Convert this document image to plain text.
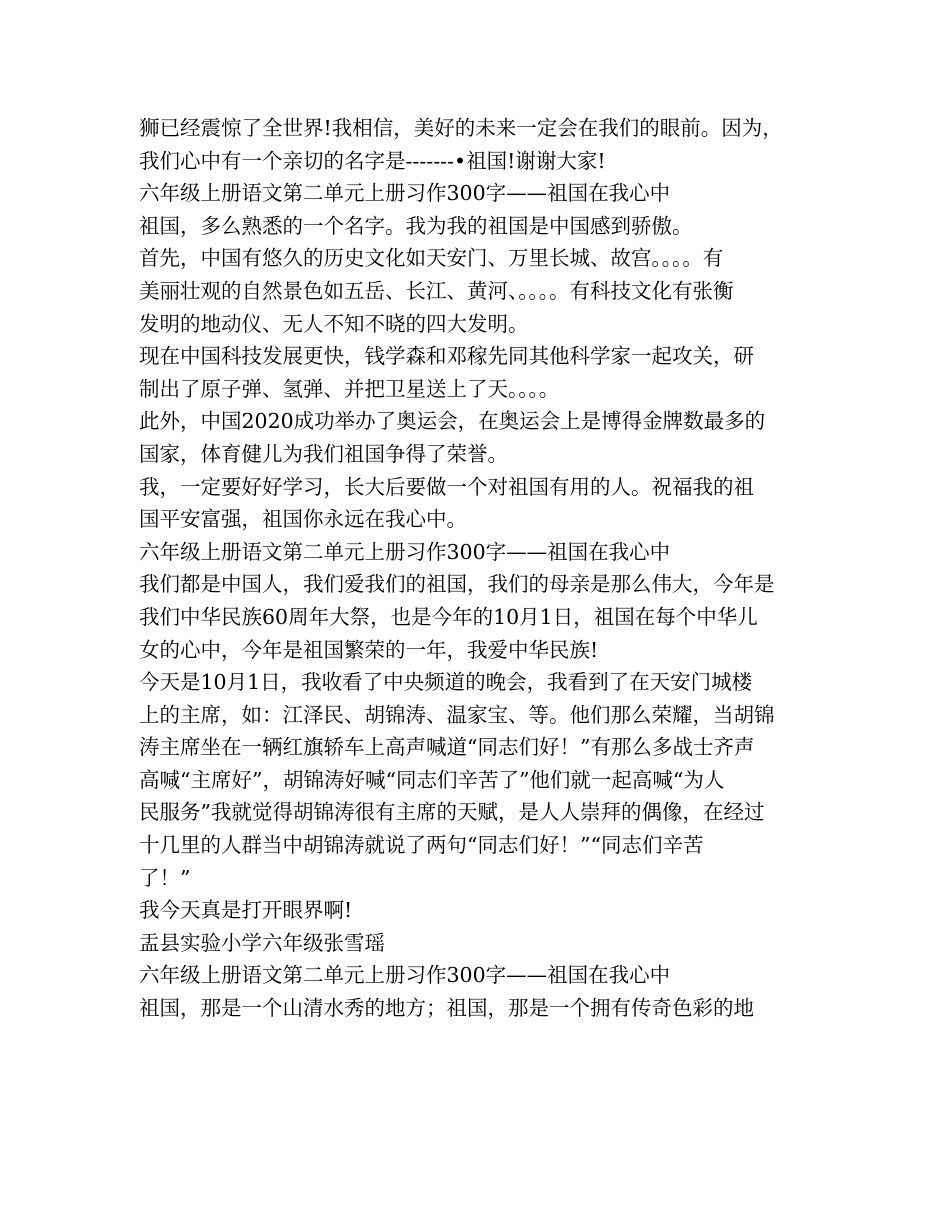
狮已经震惊了全世界!我相信，美好的未来一定会在我们的眼前。因为，
我们心中有一个亲切的名字是-------•祖国!谢谢大家!
六年级上册语文第二单元上册习作300字——祖国在我心中
祖国，多么熟悉的一个名字。我为我的祖国是中国感到骄傲。
首先，中国有悠久的历史文化如天安门、万里长城、故宫。。。。有
美丽壮观的自然景色如五岳、长江、黄河、。。。。有科技文化有张衡
发明的地动仪、无人不知不晓的四大发明。
现在中国科技发展更快，钱学森和邓稼先同其他科学家一起攻关，研
制出了原子弹、氢弹、并把卫星送上了天。。。。
此外，中国2020成功举办了奥运会，在奥运会上是博得金牌数最多的
国家，体育健儿为我们祖国争得了荣誉。
我，一定要好好学习，长大后要做一个对祖国有用的人。祝福我的祖
国平安富强，祖国你永远在我心中。
六年级上册语文第二单元上册习作300字——祖国在我心中
我们都是中国人，我们爱我们的祖国，我们的母亲是那么伟大，今年是
我们中华民族60周年大祭，也是今年的10月1日，祖国在每个中华儿
女的心中，今年是祖国繁荣的一年，我爱中华民族!
今天是10月1日，我收看了中央频道的晚会，我看到了在天安门城楼
上的主席，如：江泽民、胡锦涛、温家宝、等。他们那么荣耀，当胡锦
涛主席坐在一辆红旗轿车上高声喊道“同志们好！”有那么多战士齐声
高喊“主席好”，胡锦涛好喊“同志们辛苦了”他们就一起高喊“为人
民服务”我就觉得胡锦涛很有主席的天赋，是人人崇拜的偶像，在经过
十几里的人群当中胡锦涛就说了两句“同志们好！”“同志们辛苦
了！”
我今天真是打开眼界啊!
盂县实验小学六年级张雪瑶
六年级上册语文第二单元上册习作300字——祖国在我心中
祖国，那是一个山清水秀的地方；祖国，那是一个拥有传奇色彩的地
